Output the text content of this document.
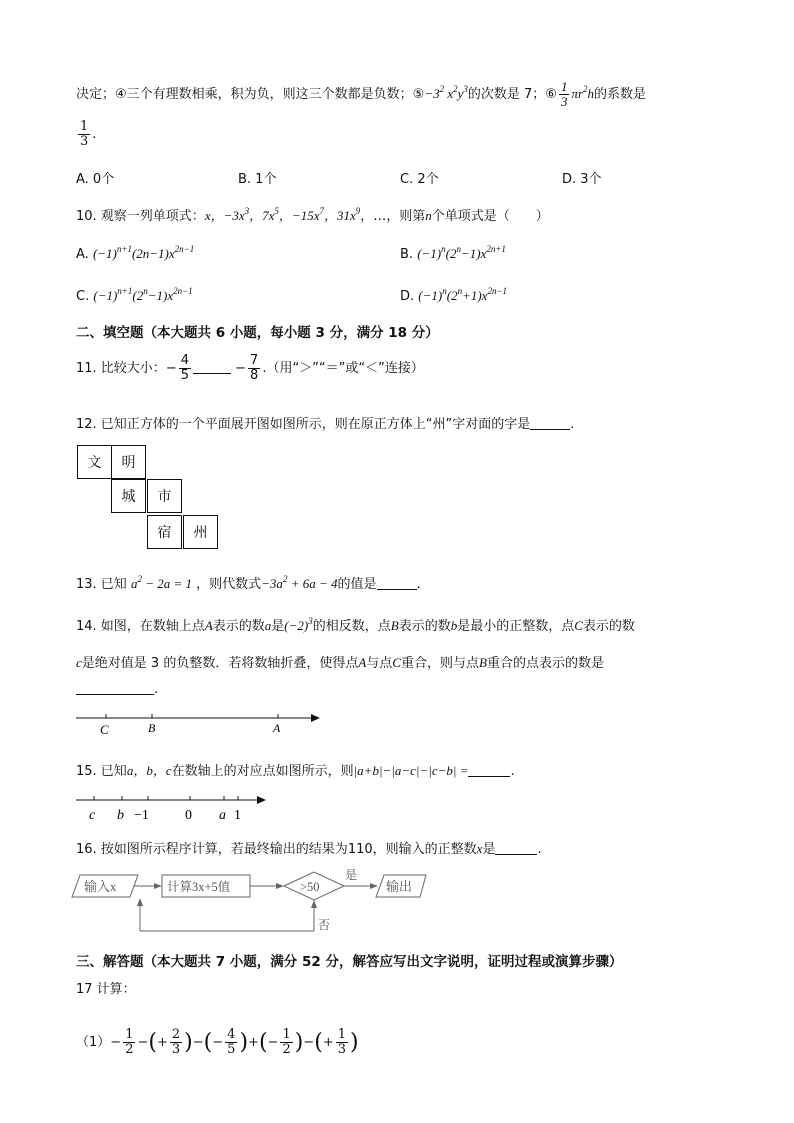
决定；④三个有理数相乘，积为负，则这三个数都是负数；$⑤-3^2$ $x^2y^3$的次数是 7；⑥ $\frac{1}{3} \pi r^2h$的系数是
$\frac{1}{3}$ .
A. 0个	B. 1个	C. 2个	D. 3个
10. 观察一列单项式：x，$-3x^3$，$7x^5$，$-15x^7$，$31x^9$，…，则第n个单项式是（　　）
A. $(-1)^{n+1}(2n-1)x^{2n-1}$	B. $(-1)^n(2^n-1)x^{2n+1}$
C. $(-1)^{n+1}(2^n-1)x^{2n-1}$	D. $(-1)^n(2^n+1)x^{2n-1}$
二、填空题（本大题共 6 小题，每小题 3 分，满分 18 分）
11. 比较大小：− $\frac{4}{5}$	− $\frac{7}{8}$ .（用“＞”“＝”或“＜”连接）
12. 已知正方体的一个平面展开图如图所示，则在原正方体上“州”字对面的字是	.
文	明
城	市
宿	州
13. 已知 $a^2 - 2a = 1$ ，则代数式$-3a^2 + 6a - 4$的值是	.
14. 如图，在数轴上点A表示的数a是$(-2)^3$的相反数，点B表示的数b是最小的正整数，点C表示的数
c是绝对值是 3 的负整数．若将数轴折叠，使得点A与点C重合，则与点B重合的点表示的数是
.
C	B	A
15. 已知a，b，c在数轴上的对应点如图所示，则|a+b|−|a−c|−|c−b| =	.
c b −1	0 a 1
16. 按如图所示程序计算，若最终输出的结果为110，则输入的正整数x是	.
输入x	计算3x+5值	>50
是
输出
否
三、解答题（本大题共 7 小题，满分 52 分，解答应写出文字说明，证明过程或演算步骤）
17 计算：
$(1)- \frac{1}{2}$ −(+ $\frac{2}{3}$ )−(− $\frac{4}{5}$ )+(− $\frac{1}{2}$ )−(+ $\frac{1}{3}$ )
